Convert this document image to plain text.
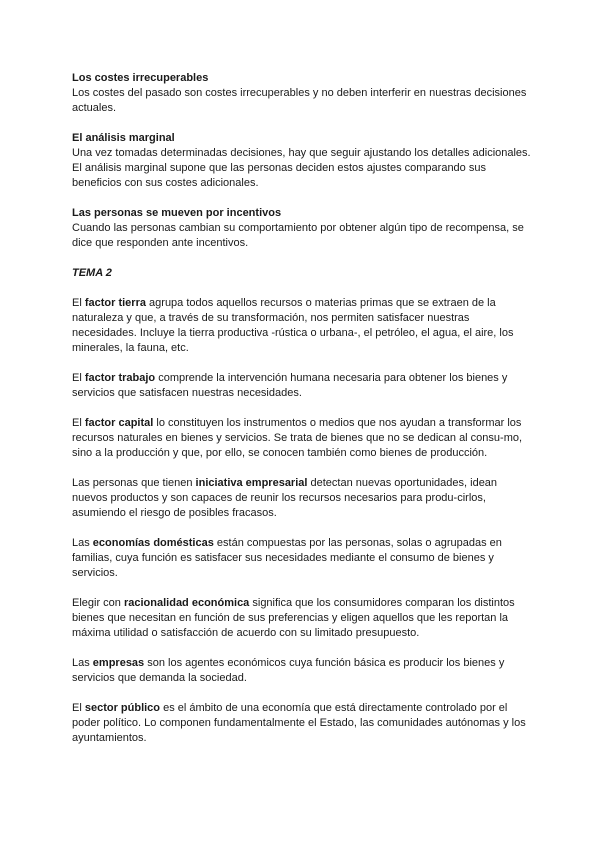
Los costes irrecuperables

Los costes del pasado son costes irrecuperables y no deben interferir en nuestras decisiones actuales.

El análisis marginal

Una vez tomadas determinadas decisiones, hay que seguir ajustando los detalles adicionales. El análisis marginal supone que las personas deciden estos ajustes comparando sus beneficios con sus costes adicionales.

Las personas se mueven por incentivos

Cuando las personas cambian su comportamiento por obtener algún tipo de recompensa, se dice que responden ante incentivos.

TEMA 2

El factor tierra agrupa todos aquellos recursos o materias primas que se extraen de la naturaleza y que, a través de su transformación, nos permiten satisfacer nuestras necesidades. Incluye la tierra productiva -rústica o urbana-, el petróleo, el agua, el aire, los minerales, la fauna, etc.

El factor trabajo comprende la intervención humana necesaria para obtener los bienes y servicios que satisfacen nuestras necesidades.

El factor capital lo constituyen los instrumentos o medios que nos ayudan a transformar los recursos naturales en bienes y servicios. Se trata de bienes que no se dedican al consu-mo, sino a la producción y que, por ello, se conocen también como bienes de producción.

Las personas que tienen iniciativa empresarial detectan nuevas oportunidades, idean nuevos productos y son capaces de reunir los recursos necesarios para produ-cirlos, asumiendo el riesgo de posibles fracasos.

Las economías domésticas están compuestas por las personas, solas o agrupadas en familias, cuya función es satisfacer sus necesidades mediante el consumo de bienes y servicios.

Elegir con racionalidad económica significa que los consumidores comparan los distintos bienes que necesitan en función de sus preferencias y eligen aquellos que les reportan la máxima utilidad o satisfacción de acuerdo con su limitado presupuesto.

Las empresas son los agentes económicos cuya función básica es producir los bienes y servicios que demanda la sociedad.

El sector público es el ámbito de una economía que está directamente controlado por el poder político. Lo componen fundamentalmente el Estado, las comunidades autónomas y los ayuntamientos.
